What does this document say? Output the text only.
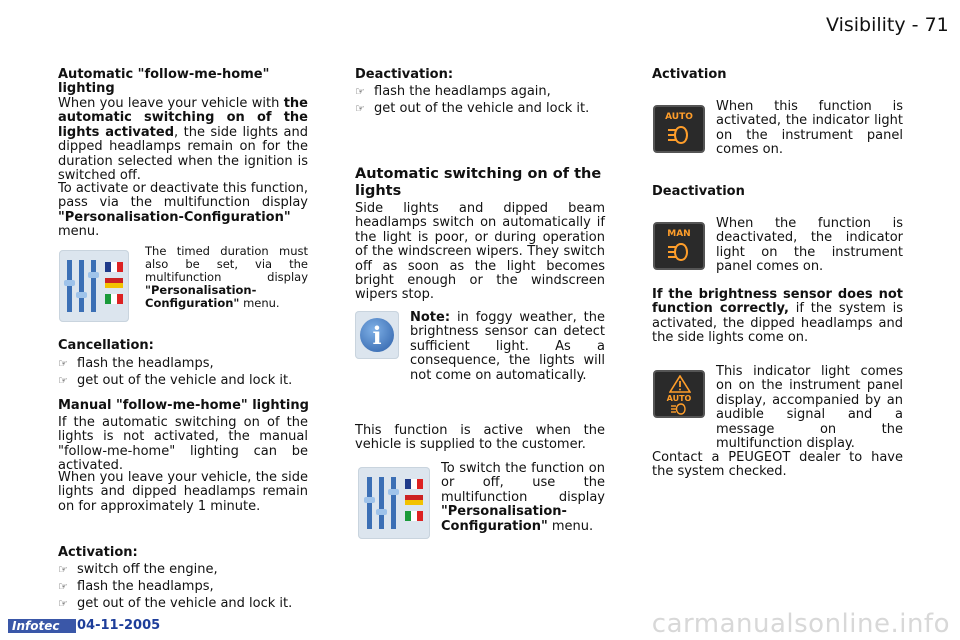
Visibility - 71
Automatic "follow-me-home" lighting
When you leave your vehicle with the automatic switching on of the lights activated, the side lights and dipped headlamps remain on for the duration selected when the ignition is switched off.
To activate or deactivate this function, pass via the multifunction display "Personalisation-Configuration" menu.
The timed duration must also be set, via the multifunction display "Personalisation-Configuration" menu.
Cancellation:
☞ flash the headlamps,
☞ get out of the vehicle and lock it.
Manual "follow-me-home" lighting
If the automatic switching on of the lights is not activated, the manual "follow-me-home" lighting can be activated.
When you leave your vehicle, the side lights and dipped headlamps remain on for approximately 1 minute.
Activation:
☞ switch off the engine,
☞ flash the headlamps,
☞ get out of the vehicle and lock it.
Deactivation:
☞ flash the headlamps again,
☞ get out of the vehicle and lock it.
Automatic switching on of the lights
Side lights and dipped beam headlamps switch on automatically if the light is poor, or during operation of the windscreen wipers. They switch off as soon as the light becomes bright enough or the windscreen wipers stop.
i
Note: in foggy weather, the brightness sensor can detect sufficient light. As a consequence, the lights will not come on automatically.
This function is active when the vehicle is supplied to the customer.
To switch the function on or off, use the multifunction display "Personalisation-Configuration" menu.
Activation
AUTO
When this function is activated, the indicator light on the instrument panel comes on.
Deactivation
MAN
When the function is deactivated, the indicator light on the instrument panel comes on.
If the brightness sensor does not function correctly, if the system is activated, the dipped headlamps and the side lights come on.
AUTO
This indicator light comes on on the instrument panel display, accompanied by an audible signal and a message on the multifunction display.
Contact a PEUGEOT dealer to have the system checked.
Infotec	04-11-2005	carmanualsonline.info
